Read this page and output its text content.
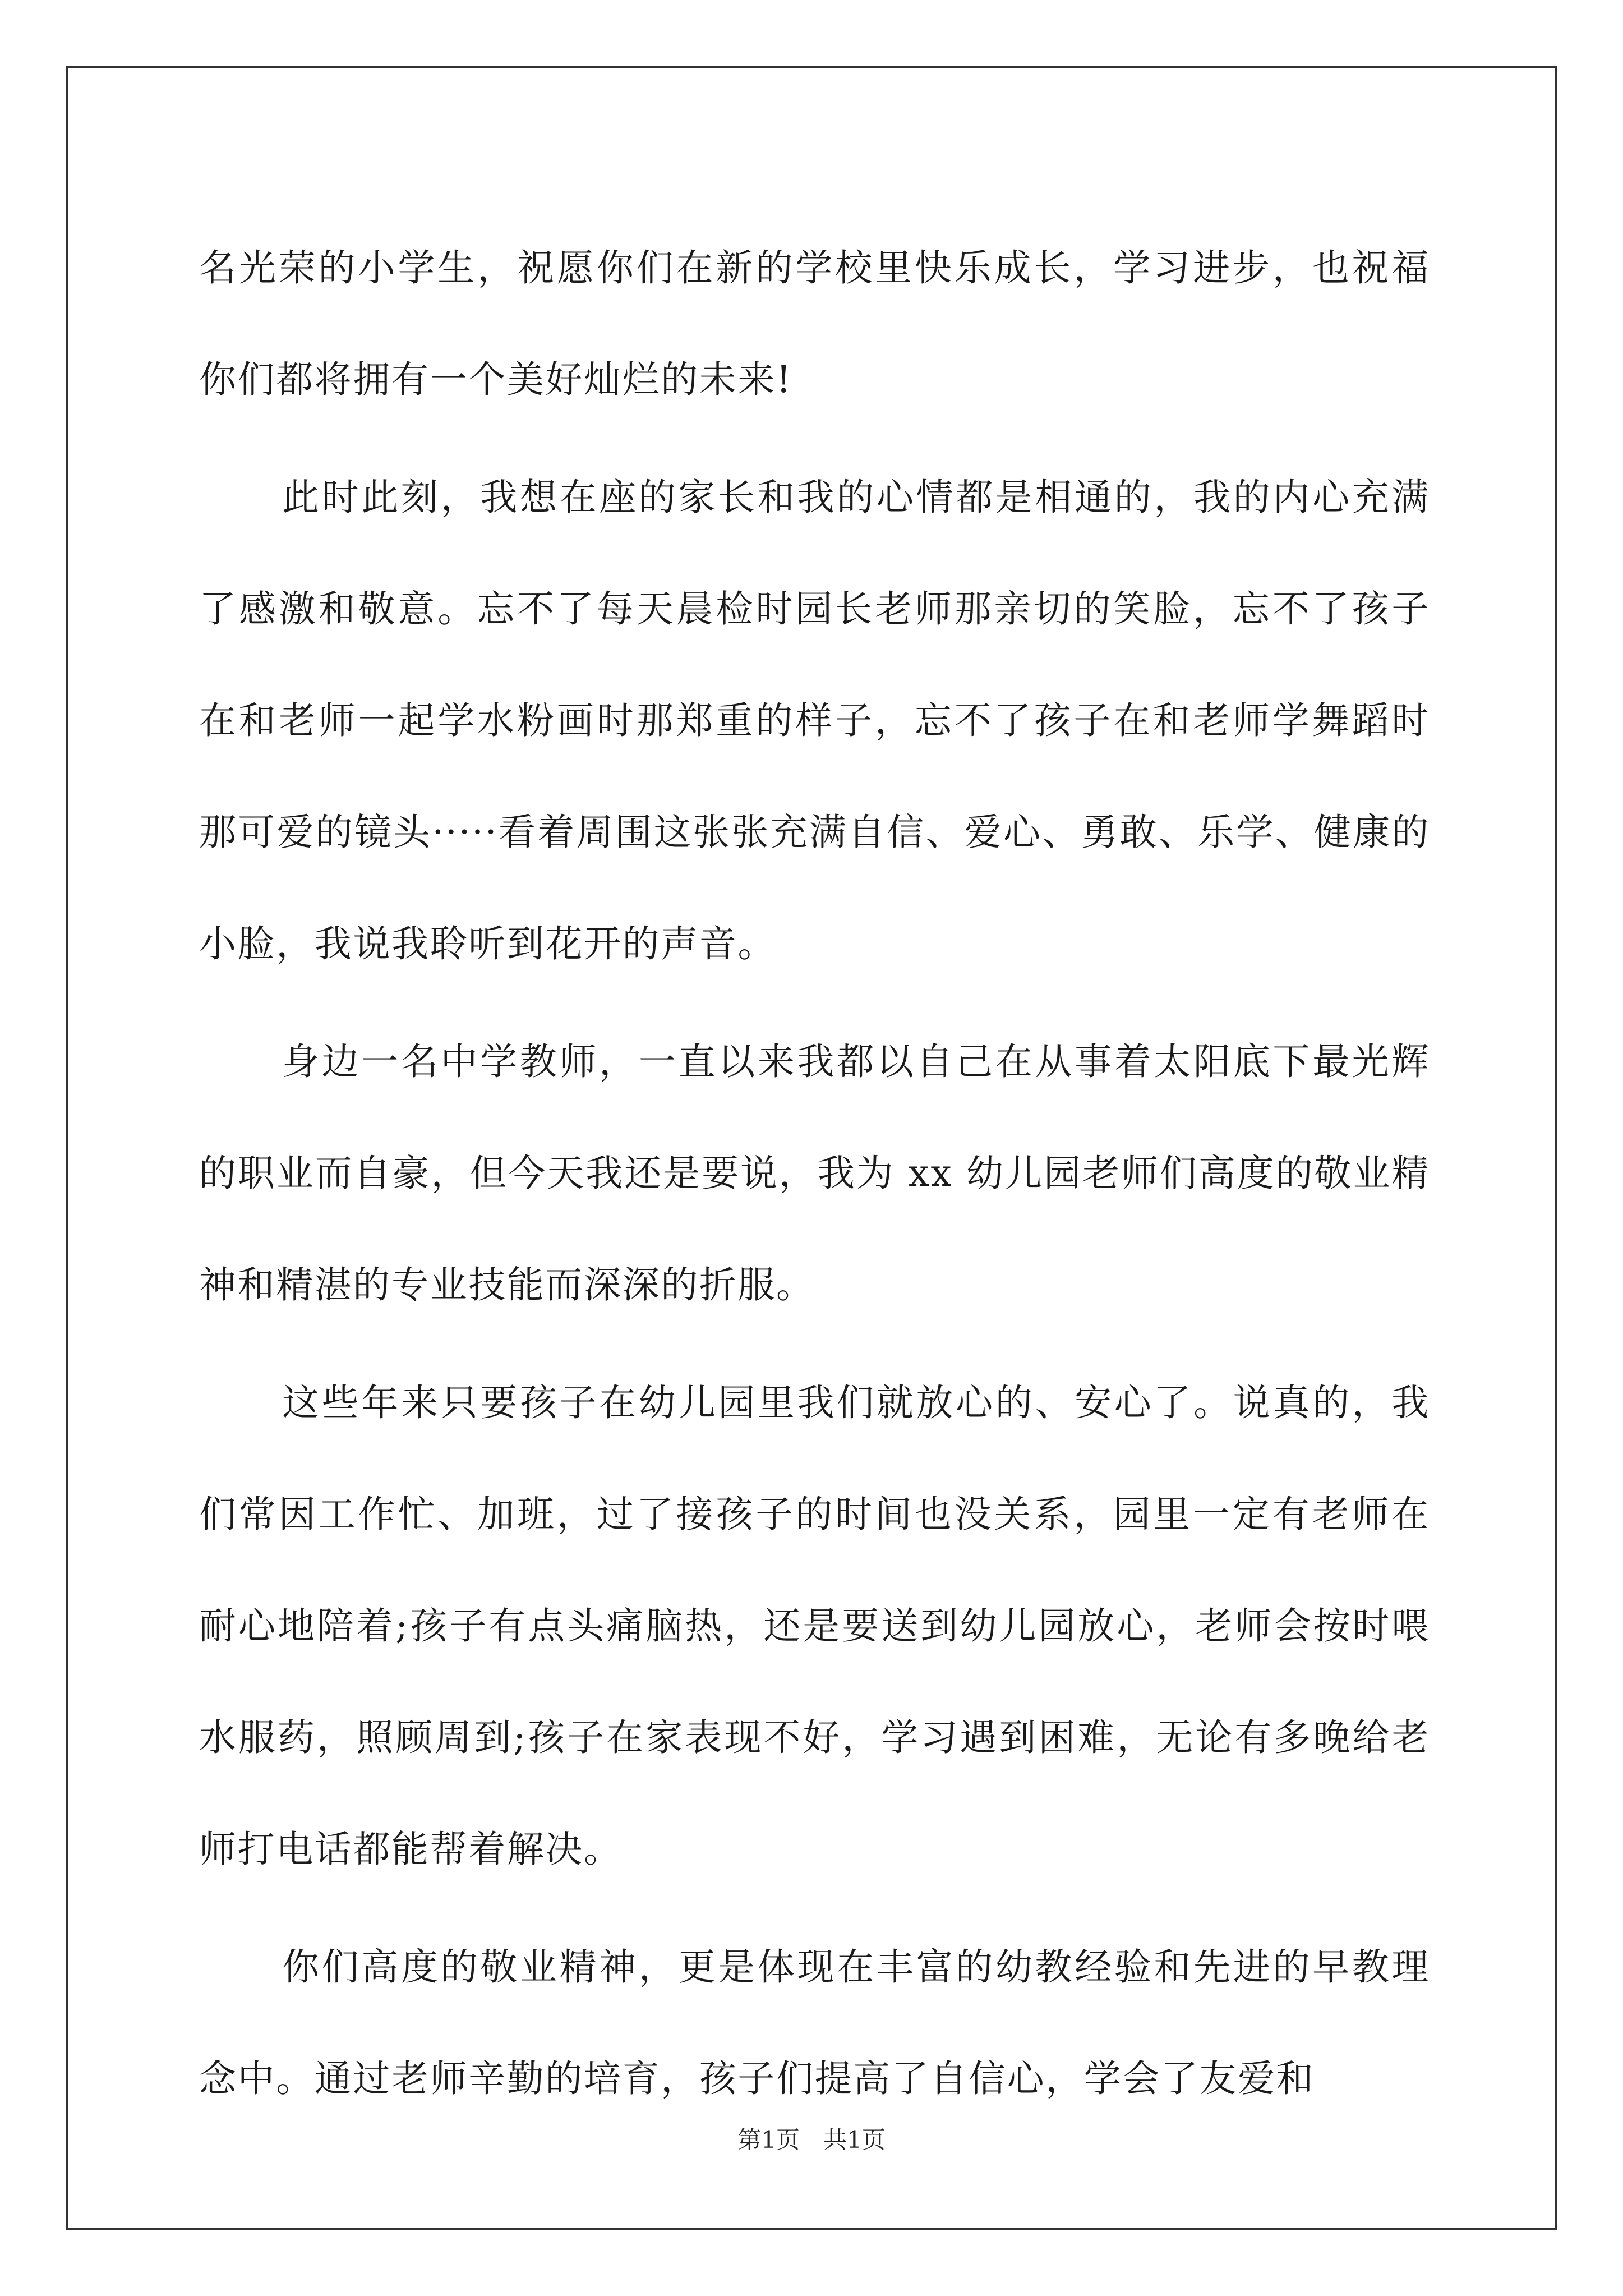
名光荣的小学生，祝愿你们在新的学校里快乐成长，学习进步，也祝福你们都将拥有一个美好灿烂的未来!

此时此刻，我想在座的家长和我的心情都是相通的，我的内心充满了感激和敬意。忘不了每天晨检时园长老师那亲切的笑脸，忘不了孩子在和老师一起学水粉画时那郑重的样子，忘不了孩子在和老师学舞蹈时那可爱的镜头·····看着周围这张张充满自信、爱心、勇敢、乐学、健康的小脸，我说我聆听到花开的声音。

身边一名中学教师，一直以来我都以自己在从事着太阳底下最光辉的职业而自豪，但今天我还是要说，我为 xx 幼儿园老师们高度的敬业精神和精湛的专业技能而深深的折服。

这些年来只要孩子在幼儿园里我们就放心的、安心了。说真的，我们常因工作忙、加班，过了接孩子的时间也没关系，园里一定有老师在耐心地陪着;孩子有点头痛脑热，还是要送到幼儿园放心，老师会按时喂水服药，照顾周到;孩子在家表现不好，学习遇到困难，无论有多晚给老师打电话都能帮着解决。

你们高度的敬业精神，更是体现在丰富的幼教经验和先进的早教理念中。通过老师辛勤的培育，孩子们提高了自信心，学会了友爱和

第1页　共1页
